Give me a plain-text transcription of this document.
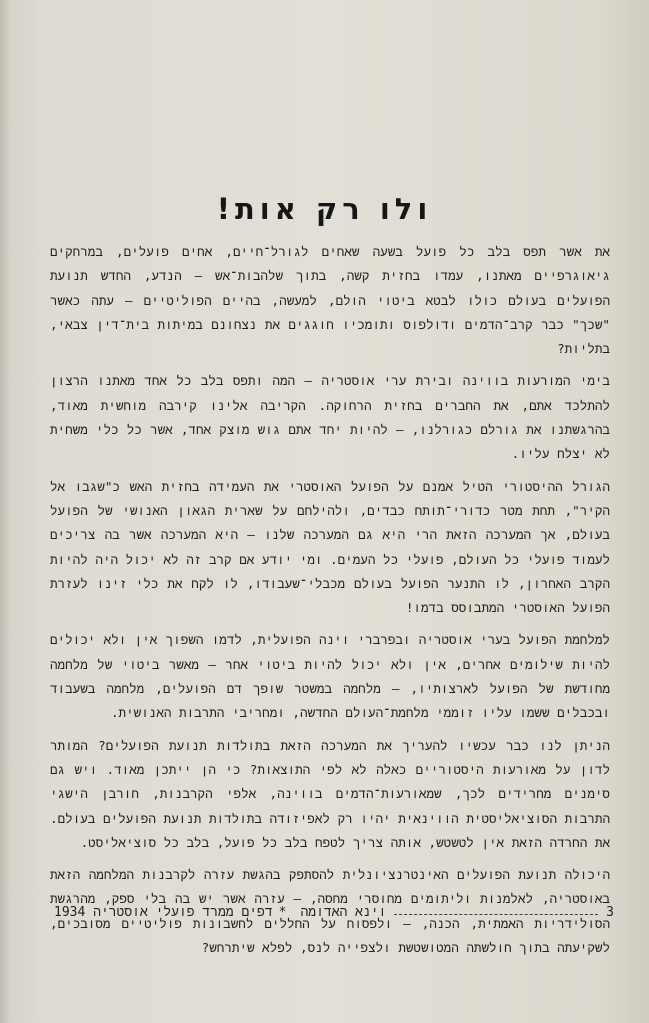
ולו רק אות!

את אשר תפס בלב כל פועל בשעה שאחים לגורל־חיים, אחים פועלים, במרחקים גיאוגרפיים מאתנו, עמדו בחזית קשה, בתוך שלהבות־אש – הנדע, החדש תנועת הפועלים בעולם כולו לבטא ביטוי הולם, למעשה, בהיים הפוליטיים – עתה כאשר "שכך" כבר קרב־הדמים ודולפוס ותומכיו חוגגים את נצחונם במיתות בית־דין צבאי, בתליות?

בימי המורעות בווינה ובירת ערי אוסטריה – המה ותפס בלב כל אחד מאתנו הרצון להתלכד אתם, את החברים בחזית הרחוקה. הקריבה אלינו קירבה מוחשית מאוד, בהרגשתנו את גורלם כגורלנו, – להיות יחד אתם גוש מוצק אחד, אשר כל כלי משחית לא יצלח עליו.

הגורל ההיסטורי הטיל אמנם על הפועל האוסטרי את העמידה בחזית האש כ"שגבו אל הקיר", תחת מטר כדורי־תותח כבדים, ולהילחם על שארית הגאון האנושי של הפועל בעולם, אך המערכה הזאת הרי היא גם המערכה שלנו – היא המערכה אשר בה צריכים לעמוד פועלי כל העולם, פועלי כל העמים. ומי יודע אם קרב זה לא יכול היה להיות הקרב האחרון, לו התנער הפועל בעולם מכבלי־שעבודו, לו לקח את כלי זינו לעזרת הפועל האוסטרי המתבוסס בדמו!

למלחמת הפועל בערי אוסטריה ובפרברי וינה הפועלית, לדמו השפוך אין ולא יכולים להיות שילומים אחרים, אין ולא יכול להיות ביטוי אחר – מאשר ביטוי של מלחמה מחודשת של הפועל לארצותיו, – מלחמה במשטר שופך דם הפועלים, מלחמה בשעבוד ובכבלים ששמו עליו זוממי מלחמת־העולם החדשה, ומחריבי התרבות האנושית.

הניתן לנו כבר עכשיו להעריך את המערכה הזאת בתולדות תנועת הפועלים? המותר לדון על מאורעות היסטוריים כאלה לא לפי התוצאות? כי הן ייתכן מאוד. ויש גם סימנים מחרידים לכך, שמאורעות־הדמים בווינה, אלפי הקרבנות, חורבן הישגי התרבות הסוציאליסטית הווינאית יהיו רק לאפיזודה בתולדות תנועת הפועלים בעולם. את החרדה הזאת אין לטשטש, אותה צריך לטפח בלב כל פועל, בלב כל סוציאליסט.

היכולה תנועת הפועלים האינטרנציונלית להסתפק בהגשת עזרה לקרבנות המלחמה הזאת באוסטריה, לאלמנות וליתומים מחוסרי מחסה, – עזרה אשר יש בה בלי ספק, מהרגשת הסולידריות האמתית, הכנה, – ולפסוח על החללים לחשבונות פוליטיים מסובכים, לשקיעתה בתוך חולשתה המטושטשת ולצפייה לנס, לפלא שיתרחש?

וינא האדומה*דפים ממרד פועלי אוסטריה 1934	3
